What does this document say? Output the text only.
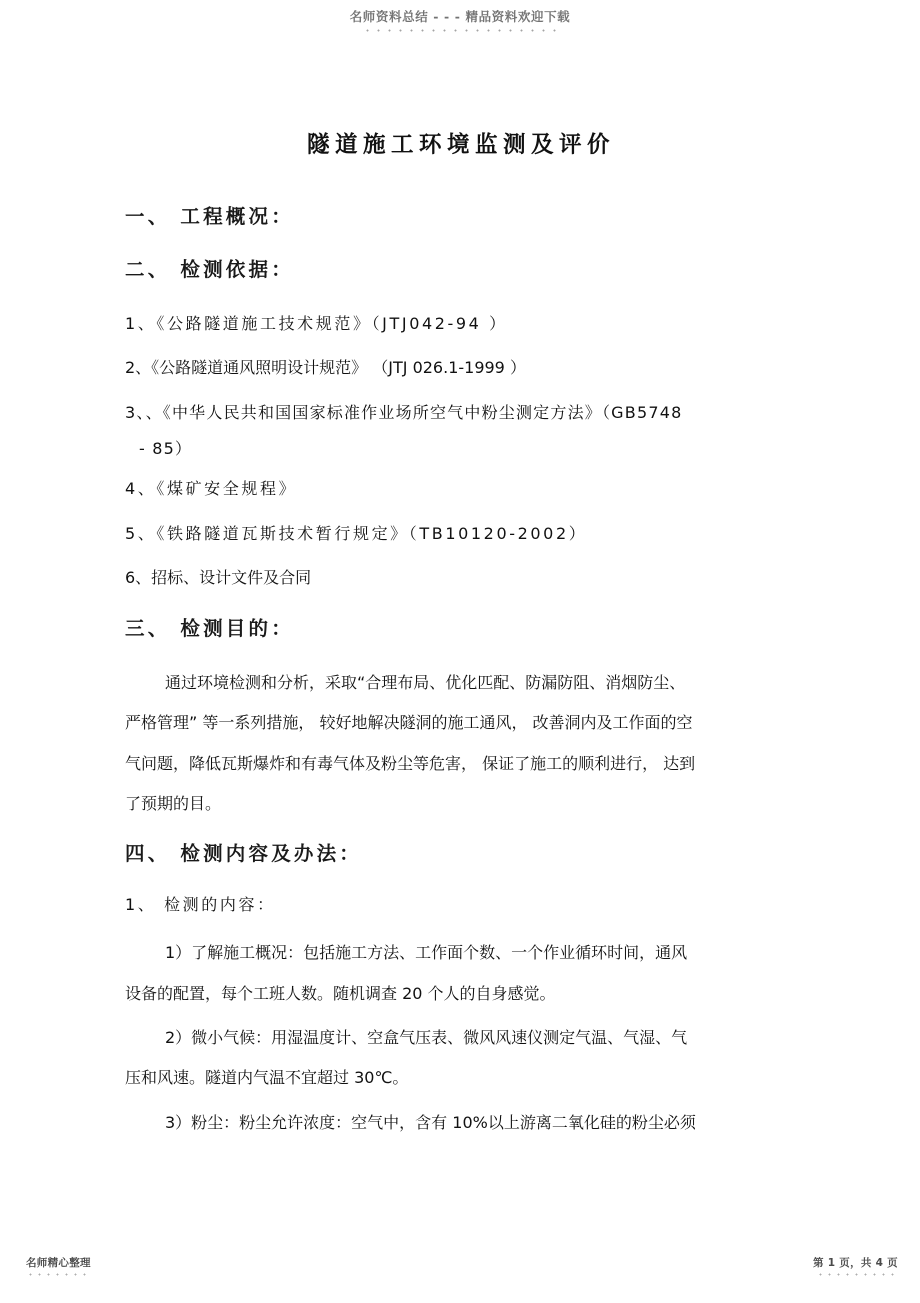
名师资料总结 - - - 精品资料欢迎下载
隧道施工环境监测及评价
一、 工程概况：
二、 检测依据：
1、《公路隧道施工技术规范》（JTJ042-94 ）
2、《公路隧道通风照明设计规范》 （JTJ 026.1-1999 ）
3、、《中华人民共和国国家标准作业场所空气中粉尘测定方法》（GB5748
- 85）
4、《煤矿安全规程》
5、《铁路隧道瓦斯技术暂行规定》（TB10120-2002）
6、招标、设计文件及合同
三、 检测目的：
通过环境检测和分析，采取“合理布局、优化匹配、防漏防阻、消烟防尘、
严格管理” 等一系列措施， 较好地解决隧洞的施工通风， 改善洞内及工作面的空
气问题，降低瓦斯爆炸和有毒气体及粉尘等危害， 保证了施工的顺利进行， 达到
了预期的目。
四、 检测内容及办法：
1、 检测的内容：
1）了解施工概况：包括施工方法、工作面个数、一个作业循环时间，通风
设备的配置，每个工班人数。随机调查 20 个人的自身感觉。
2）微小气候：用湿温度计、空盒气压表、微风风速仪测定气温、气湿、气
压和风速。隧道内气温不宜超过 30℃。
3）粉尘：粉尘允许浓度：空气中，含有 10%以上游离二氧化硅的粉尘必须
名师精心整理	第 1 页，共 4 页
